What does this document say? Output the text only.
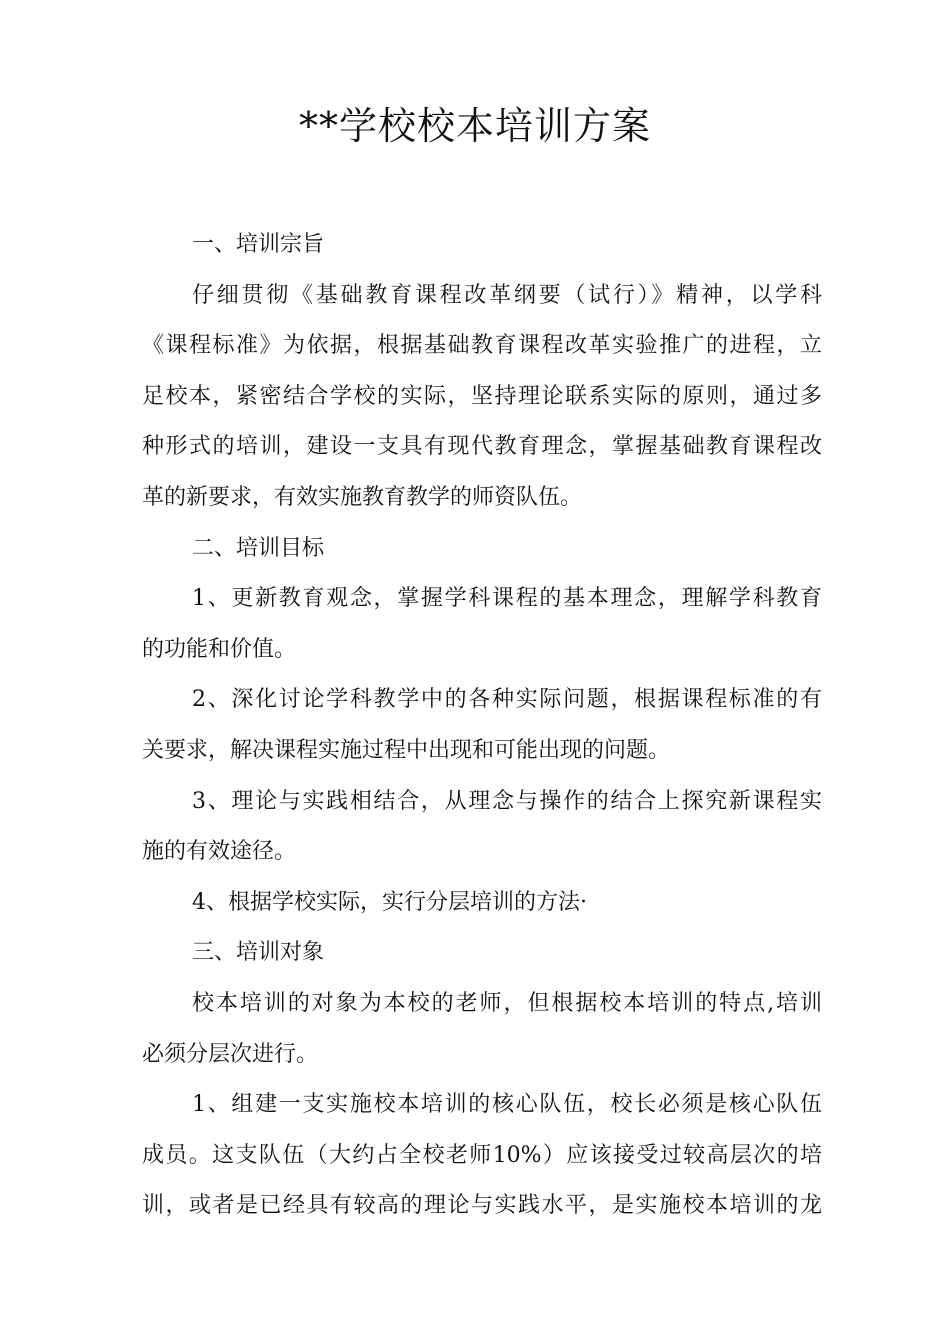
**学校校本培训方案
一、培训宗旨
仔细贯彻《基础教育课程改革纲要（试行）》精神，以学科
《课程标准》为依据，根据基础教育课程改革实验推广的进程，立
足校本，紧密结合学校的实际，坚持理论联系实际的原则，通过多
种形式的培训，建设一支具有现代教育理念，掌握基础教育课程改
革的新要求，有效实施教育教学的师资队伍。
二、培训目标
1、更新教育观念，掌握学科课程的基本理念，理解学科教育
的功能和价值。
2、深化讨论学科教学中的各种实际问题，根据课程标准的有
关要求，解决课程实施过程中出现和可能出现的问题。
3、理论与实践相结合，从理念与操作的结合上探究新课程实
施的有效途径。
4、根据学校实际，实行分层培训的方法·
三、培训对象
校本培训的对象为本校的老师，但根据校本培训的特点,培训
必须分层次进行。
1、组建一支实施校本培训的核心队伍，校长必须是核心队伍
成员。这支队伍（大约占全校老师10%）应该接受过较高层次的培
训，或者是已经具有较高的理论与实践水平，是实施校本培训的龙
